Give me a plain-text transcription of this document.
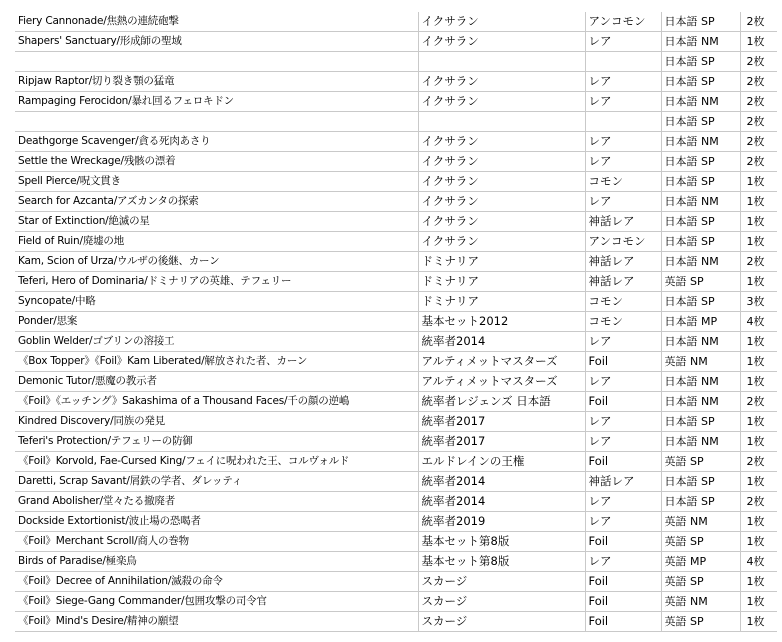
Fiery Cannonade/焦熱の連続砲撃	イクサラン	アンコモン	日本語 SP	2枚
Shapers' Sanctuary/形成師の聖域	イクサラン	レア	日本語 NM	1枚
			日本語 SP	2枚
Ripjaw Raptor/切り裂き顎の猛竜	イクサラン	レア	日本語 SP	2枚
Rampaging Ferocidon/暴れ回るフェロキドン	イクサラン	レア	日本語 NM	2枚
			日本語 SP	2枚
Deathgorge Scavenger/貪る死肉あさり	イクサラン	レア	日本語 NM	2枚
Settle the Wreckage/残骸の漂着	イクサラン	レア	日本語 SP	2枚
Spell Pierce/呪文貫き	イクサラン	コモン	日本語 SP	1枚
Search for Azcanta/アズカンタの探索	イクサラン	レア	日本語 NM	1枚
Star of Extinction/絶滅の星	イクサラン	神話レア	日本語 SP	1枚
Field of Ruin/廃墟の地	イクサラン	アンコモン	日本語 SP	1枚
Kam, Scion of Urza/ウルザの後継、カーン	ドミナリア	神話レア	日本語 NM	2枚
Teferi, Hero of Dominaria/ドミナリアの英雄、テフェリー	ドミナリア	神話レア	英語 SP	1枚
Syncopate/中略	ドミナリア	コモン	日本語 SP	3枚
Ponder/思案	基本セット2012	コモン	日本語 MP	4枚
Goblin Welder/ゴブリンの溶接工	統率者2014	レア	日本語 NM	1枚
《Box Topper》《Foil》Kam Liberated/解放された者、カーン	アルティメットマスターズ	Foil	英語 NM	1枚
Demonic Tutor/悪魔の教示者	アルティメットマスターズ	レア	日本語 NM	1枚
《Foil》《エッチング》Sakashima of a Thousand Faces/千の顔の逆嶋	統率者レジェンズ 日本語	Foil	日本語 NM	2枚
Kindred Discovery/同族の発見	統率者2017	レア	日本語 SP	1枚
Teferi's Protection/テフェリーの防御	統率者2017	レア	日本語 NM	1枚
《Foil》Korvold, Fae-Cursed King/フェイに呪われた王、コルヴォルド	エルドレインの王権	Foil	英語 SP	2枚
Daretti, Scrap Savant/屑鉄の学者、ダレッティ	統率者2014	神話レア	日本語 SP	1枚
Grand Abolisher/堂々たる撤廃者	統率者2014	レア	日本語 SP	2枚
Dockside Extortionist/波止場の恐喝者	統率者2019	レア	英語 NM	1枚
《Foil》Merchant Scroll/商人の巻物	基本セット第8版	Foil	英語 SP	1枚
Birds of Paradise/極楽鳥	基本セット第8版	レア	英語 MP	4枚
《Foil》Decree of Annihilation/滅殺の命令	スカージ	Foil	英語 SP	1枚
《Foil》Siege-Gang Commander/包囲攻撃の司令官	スカージ	Foil	英語 NM	1枚
《Foil》Mind's Desire/精神の願望	スカージ	Foil	英語 SP	1枚
